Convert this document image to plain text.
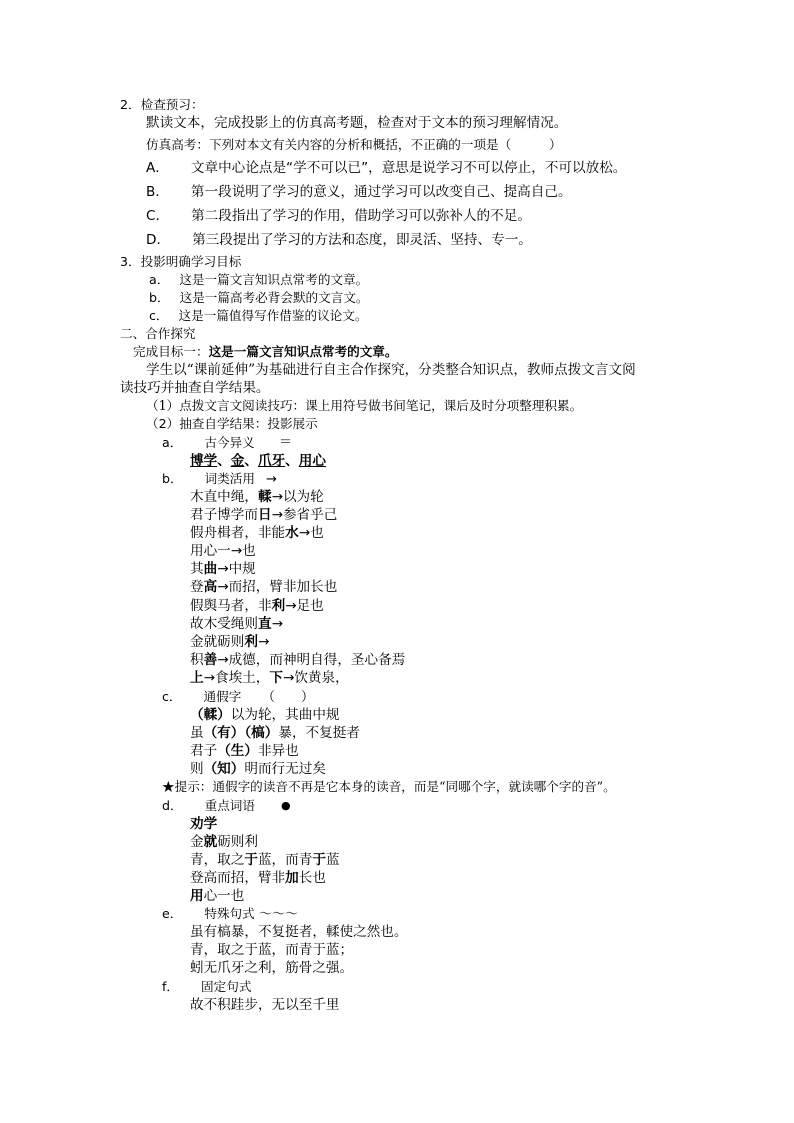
2．检查预习：
默读文本，完成投影上的仿真高考题，检查对于文本的预习理解情况。
仿真高考：下列对本文有关内容的分析和概括，不正确的一项是（　　　）
A． 文章中心论点是“学不可以已”，意思是说学习不可以停止，不可以放松。
B． 第一段说明了学习的意义，通过学习可以改变自己、提高自己。
C． 第二段指出了学习的作用，借助学习可以弥补人的不足。
D． 第三段提出了学习的方法和态度，即灵活、坚持、专一。
3．投影明确学习目标
a． 这是一篇文言知识点常考的文章。
b． 这是一篇高考必背会默的文言文。
c． 这是一篇值得写作借鉴的议论文。
二、合作探究
完成目标一：这是一篇文言知识点常考的文章。
学生以“课前延伸”为基础进行自主合作探究，分类整合知识点，教师点拨文言文阅
读技巧并抽查自学结果。
（1）点拨文言文阅读技巧：课上用符号做书间笔记，课后及时分项整理积累。
（2）抽查自学结果：投影展示
a． 古今异义 ＝
博学、金、爪牙、用心
b． 词类活用 →
木直中绳，輮→以为轮
君子博学而日→参省乎己
假舟楫者，非能水→也
用心一→也
其曲→中规
登高→而招，臂非加长也
假舆马者，非利→足也
故木受绳则直→
金就砺则利→
积善→成德，而神明自得，圣心备焉
上→食埃土，下→饮黄泉，
c． 通假字 （　　）
（輮）以为轮，其曲中规
虽（有）（槁）暴，不复挺者
君子（生）非异也
则（知）明而行无过矣
★提示：通假字的读音不再是它本身的读音，而是“同哪个字，就读哪个字的音”。
d． 重点词语 ●
劝学
金就砺则利
青，取之于蓝，而青于蓝
登高而招，臂非加长也
用心一也
e． 特殊句式 ～～～
虽有槁暴，不复挺者，輮使之然也。
青，取之于蓝，而青于蓝；
蚓无爪牙之利，筋骨之强。
f． 固定句式
故不积跬步，无以至千里
